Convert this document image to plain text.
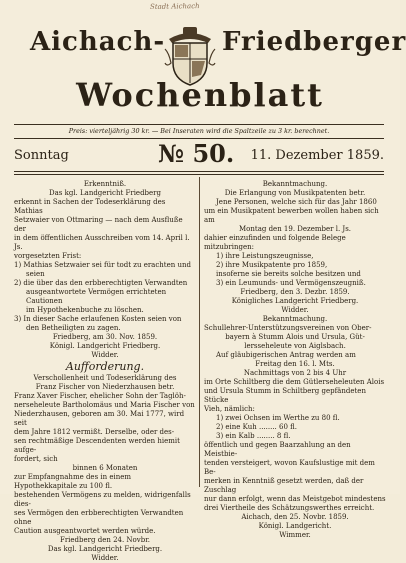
Stadt Aichach
Aichach- Friedberger
Wochenblatt
Preis: vierteljährig 30 kr. — Bei Inseraten wird die Spaltzeile zu 3 kr. berechnet.
Sonntag	№ 50. 11. Dezember 1859.

Erkenntniß.

Das kgl. Landgericht Friedberg

erkennt in Sachen der Todeserklärung des Mathias

Setzwaier von Ottmaring — nach dem Ausfluße der

in dem öffentlichen Ausschreiben vom 14. April l. Js.

vorgesetzten Frist:

1) Mathias Setzwaier sei für todt zu erachten und

seien

2) die über das den erbberechtigten Verwandten

ausgeantwortete Vermögen errichteten Cautionen

im Hypothekenbuche zu löschen.

3) In dieser Sache erlaufenen Kosten seien von

den Betheiligten zu zagen.

Friedberg, am 30. Nov. 1859.

Königl. Landgericht Friedberg.

Widder.

Aufforderung.

Verschollenheit und Todeserklärung des

Franz Fischer von Niederzhausen betr.

Franz Xaver Fischer, ehelicher Sohn der Taglöh-

nerseheleute Bartholomäus und Maria Fischer von

Niederzhausen, geboren am 30. Mai 1777, wird seit

dem Jahre 1812 vermißt. Derselbe, oder des-

sen rechtmäßige Descendenten werden hiemit aufge-

fordert, sich

binnen 6 Monaten

zur Empfangnahme des in einem Hypothekkapitale zu 100 fl.

bestehenden Vermögens zu melden, widrigenfalls dies-

ses Vermögen den erbberechtigten Verwandten ohne

Caution ausgeantwortet werden würde.

Friedberg den 24. Novbr.

Das kgl. Landgericht Friedberg.

Widder.

Bekanntmachung.

Die Erlangung von Musikpatenten betr.

Jene Personen, welche sich für das Jahr 1860

um ein Musikpatent bewerben wollen haben sich am

Montag den 19. Dezember l. Js.

dahier einzufinden und folgende Belege mitzubringen:

1) ihre Leistungszeugnisse,

2) ihre Musikpatente pro 1859,

insoferne sie bereits solche besitzen und

3) ein Leumunds- und Vermögenszeugniß.

Friedberg, den 3. Dezbr. 1859.

Königliches Landgericht Friedberg.

Widder.

Bekanntmachung.

Schullehrer-Unterstützungsvereinen von Ober-

bayern à Stumm Alois und Ursula, Güt-

lersseheleute von Aiglsbach.

Auf gläubigerischen Antrag werden am

Freitag den 16. l. Mts.

Nachmittags von 2 bis 4 Uhr

im Orte Schiltberg die dem Gütlerseheleuten Alois

und Ursula Stumm in Schiltberg gepfändeten Stücke

Vieh, nämlich:

1) zwei Ochsen im Werthe zu 80 fl.

2) eine Kuh ........ 60 fl.

3) ein Kalb ........ 8 fl.

öffentlich und gegen Baarzahlung an den Meistbie-

tenden versteigert, wovon Kaufslustige mit dem Be-

merken in Kenntniß gesetzt werden, daß der Zuschlag

nur dann erfolgt, wenn das Meistgebot mindestens

drei Viertheile des Schätzungswerthes erreicht.

Aichach, den 25. Novbr. 1859.

Königl. Landgericht.

Wimmer.
